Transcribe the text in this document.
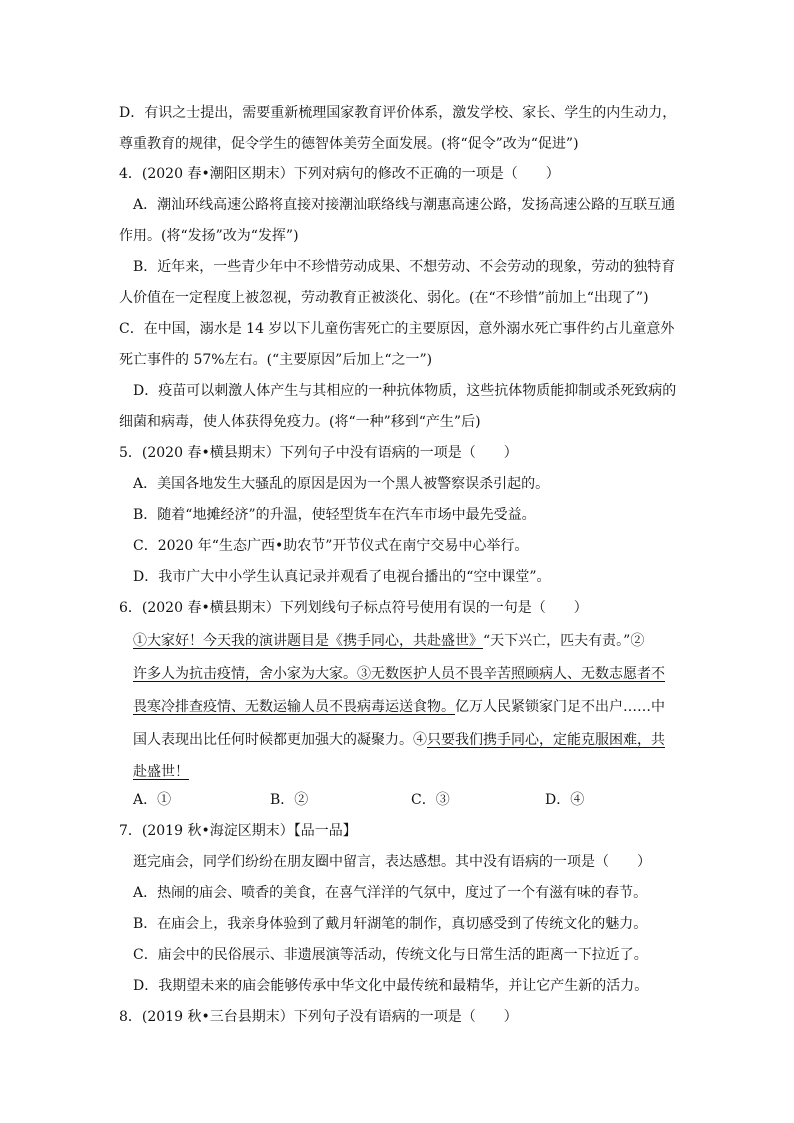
D．有识之士提出，需要重新梳理国家教育评价体系，激发学校、家长、学生的内生动力，
尊重教育的规律，促令学生的德智体美劳全面发展。(将“促令”改为“促进”)
4．(2020 春•潮阳区期末）下列对病句的修改不正确的一项是（　　）
A．潮汕环线高速公路将直接对接潮汕联络线与潮惠高速公路，发扬高速公路的互联互通
作用。(将“发扬”改为“发挥”)
B．近年来，一些青少年中不珍惜劳动成果、不想劳动、不会劳动的现象，劳动的独特育
人价值在一定程度上被忽视，劳动教育正被淡化、弱化。(在“不珍惜”前加上“出现了”)
C．在中国，溺水是 14 岁以下儿童伤害死亡的主要原因，意外溺水死亡事件约占儿童意外
死亡事件的 57%左右。(“主要原因”后加上“之一”)
D．疫苗可以刺激人体产生与其相应的一种抗体物质，这些抗体物质能抑制或杀死致病的
细菌和病毒，使人体获得免疫力。(将“一种”移到“产生”后)
5．(2020 春•横县期末）下列句子中没有语病的一项是（　　）
A．美国各地发生大骚乱的原因是因为一个黑人被警察误杀引起的。
B．随着“地摊经济”的升温，使轻型货车在汽车市场中最先受益。
C．2020 年“生态广西•助农节”开节仪式在南宁交易中心举行。
D．我市广大中小学生认真记录并观看了电视台播出的“空中课堂”。
6．(2020 春•横县期末）下列划线句子标点符号使用有误的一句是（　　）
①大家好！今天我的演讲题目是《携手同心，共赴盛世》“天下兴亡，匹夫有责。”②
许多人为抗击疫情，舍小家为大家。③无数医护人员不畏辛苦照顾病人、无数志愿者不
畏寒冷排查疫情、无数运输人员不畏病毒运送食物。亿万人民紧锁家门足不出户……中
国人表现出比任何时候都更加强大的凝聚力。④只要我们携手同心，定能克服困难，共
赴盛世！
A．①	B．②	C．③	D．④
7．(2019 秋•海淀区期末）【品一品】
逛完庙会，同学们纷纷在朋友圈中留言，表达感想。其中没有语病的一项是（　　）
A．热闹的庙会、喷香的美食，在喜气洋洋的气氛中，度过了一个有滋有味的春节。
B．在庙会上，我亲身体验到了戴月轩湖笔的制作，真切感受到了传统文化的魅力。
C．庙会中的民俗展示、非遗展演等活动，传统文化与日常生活的距离一下拉近了。
D．我期望未来的庙会能够传承中华文化中最传统和最精华，并让它产生新的活力。
8．(2019 秋•三台县期末）下列句子没有语病的一项是（　　）
